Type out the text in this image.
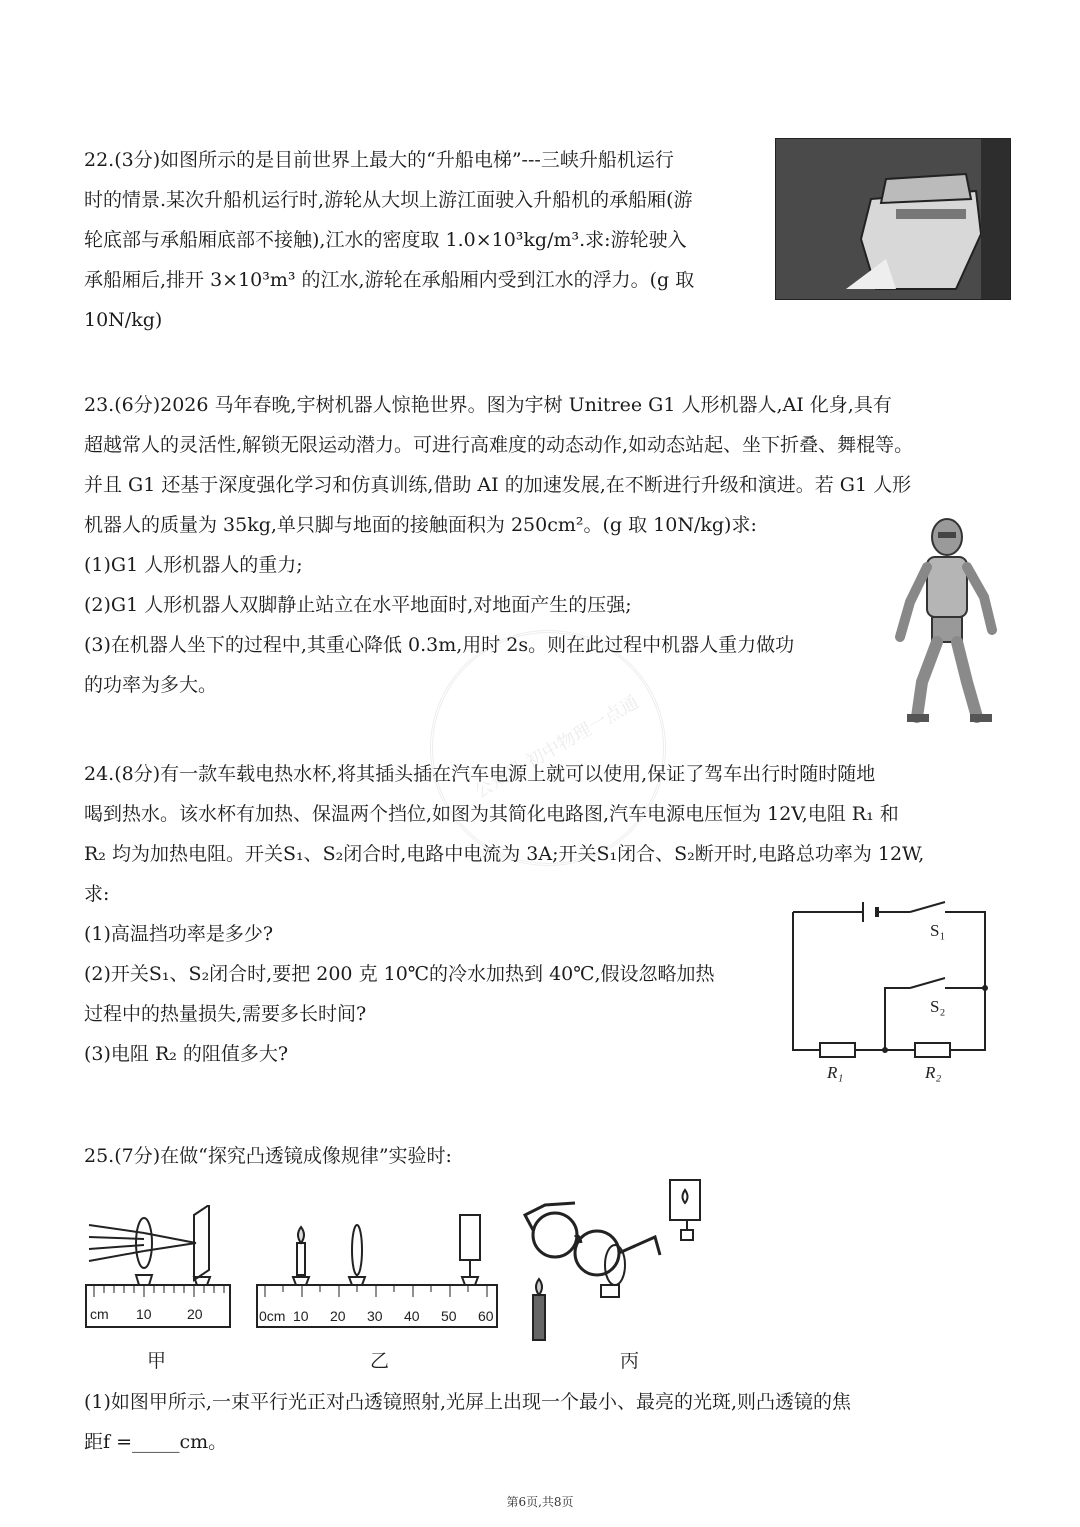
22.(3分)如图所示的是目前世界上最大的“升船电梯”---三峡升船机运行
时的情景.某次升船机运行时,游轮从大坝上游江面驶入升船机的承船厢(游
轮底部与承船厢底部不接触),江水的密度取 1.0×10³kg/m³.求:游轮驶入
承船厢后,排开 3×10³m³ 的江水,游轮在承船厢内受到江水的浮力。(g 取
10N/kg)
23.(6分)2026 马年春晚,宇树机器人惊艳世界。图为宇树 Unitree G1 人形机器人,AI 化身,具有
超越常人的灵活性,解锁无限运动潜力。可进行高难度的动态动作,如动态站起、坐下折叠、舞棍等。
并且 G1 还基于深度强化学习和仿真训练,借助 AI 的加速发展,在不断进行升级和演进。若 G1 人形
机器人的质量为 35kg,单只脚与地面的接触面积为 250cm²。(g 取 10N/kg)求:
(1)G1 人形机器人的重力;
(2)G1 人形机器人双脚静止站立在水平地面时,对地面产生的压强;
(3)在机器人坐下的过程中,其重心降低 0.3m,用时 2s。则在此过程中机器人重力做功
的功率为多大。
公众号·初中物理一点通
24.(8分)有一款车载电热水杯,将其插头插在汽车电源上就可以使用,保证了驾车出行时随时随地
喝到热水。该水杯有加热、保温两个挡位,如图为其简化电路图,汽车电源电压恒为 12V,电阻 R₁ 和
R₂ 均为加热电阻。开关S₁、S₂闭合时,电路中电流为 3A;开关S₁闭合、S₂断开时,电路总功率为 12W,
求:
(1)高温挡功率是多少?
(2)开关S₁、S₂闭合时,要把 200 克 10℃的冷水加热到 40℃,假设忽略加热
过程中的热量损失,需要多长时间?
(3)电阻 R₂ 的阻值多大?
S₁
S₂
R₁	R₂
25.(7分)在做“探究凸透镜成像规律”实验时:
cm 10	20
甲
0cm 10 20 30 40 50 60
乙	丙
(1)如图甲所示,一束平行光正对凸透镜照射,光屏上出现一个最小、最亮的光斑,则凸透镜的焦
距f =_____cm。
第6页,共8页
